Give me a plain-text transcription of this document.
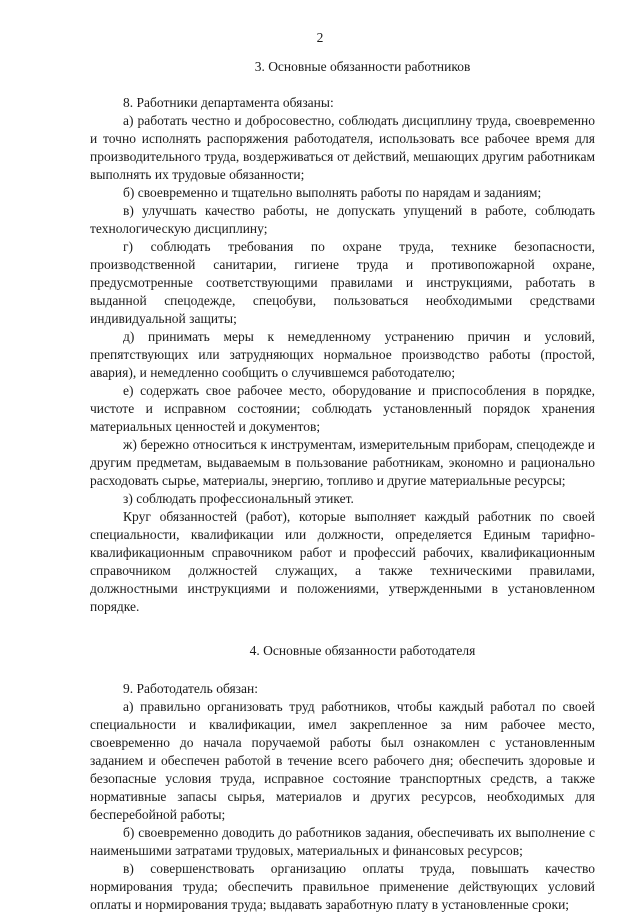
2
3. Основные обязанности работников

8. Работники департамента обязаны:

а) работать честно и добросовестно, соблюдать дисциплину труда, своевременно и точно исполнять распоряжения работодателя, использовать все рабочее время для производительного труда, воздерживаться от действий, мешающих другим работникам выполнять их трудовые обязанности;

б) своевременно и тщательно выполнять работы по нарядам и заданиям;

в) улучшать качество работы, не допускать упущений в работе, соблюдать технологическую дисциплину;

г) соблюдать требования по охране труда, технике безопасности, производственной санитарии, гигиене труда и противопожарной охране, предусмотренные соответствующими правилами и инструкциями, работать в выданной спецодежде, спецобуви, пользоваться необходимыми средствами индивидуальной защиты;

д) принимать меры к немедленному устранению причин и условий, препятствующих или затрудняющих нормальное производство работы (простой, авария), и немедленно сообщить о случившемся работодателю;

е) содержать свое рабочее место, оборудование и приспособления в порядке, чистоте и исправном состоянии; соблюдать установленный порядок хранения материальных ценностей и документов;

ж) бережно относиться к инструментам, измерительным приборам, спецодежде и другим предметам, выдаваемым в пользование работникам, экономно и рационально расходовать сырье, материалы, энергию, топливо и другие материальные ресурсы;

з) соблюдать профессиональный этикет.

Круг обязанностей (работ), которые выполняет каждый работник по своей специальности, квалификации или должности, определяется Единым тарифно-квалификационным справочником работ и профессий рабочих, квалификационным справочником должностей служащих, а также техническими правилами, должностными инструкциями и положениями, утвержденными в установленном порядке.

4. Основные обязанности работодателя

9. Работодатель обязан:

а) правильно организовать труд работников, чтобы каждый работал по своей специальности и квалификации, имел закрепленное за ним рабочее место, своевременно до начала поручаемой работы был ознакомлен с установленным заданием и обеспечен работой в течение всего рабочего дня; обеспечить здоровые и безопасные условия труда, исправное состояние транспортных средств, а также нормативные запасы сырья, материалов и других ресурсов, необходимых для бесперебойной работы;

б) своевременно доводить до работников задания, обеспечивать их выполнение с наименьшими затратами трудовых, материальных и финансовых ресурсов;

в) совершенствовать организацию оплаты труда, повышать качество нормирования труда; обеспечить правильное применение действующих условий оплаты и нормирования труда; выдавать заработную плату в установленные сроки;
